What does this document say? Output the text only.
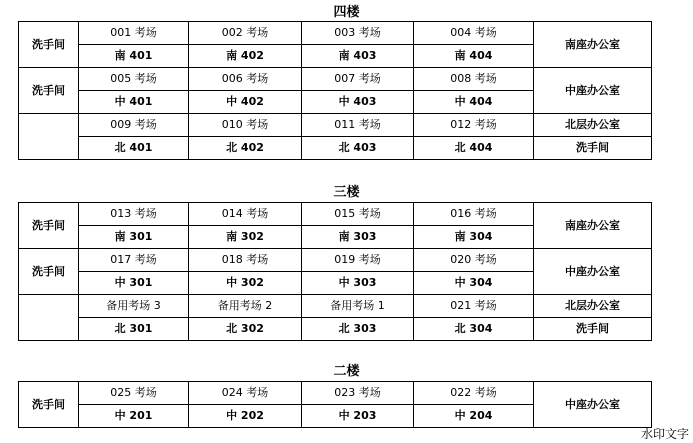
四楼
洗手间	001 考场	002 考场	003 考场	004 考场	南座办公室
	南 401	南 402	南 403	南 404	
洗手间	005 考场	006 考场	007 考场	008 考场	中座办公室
	中 401	中 402	中 403	中 404	
	009 考场	010 考场	011 考场	012 考场	北层办公室
	北 401	北 402	北 403	北 404	洗手间
三楼
洗手间	013 考场	014 考场	015 考场	016 考场	南座办公室
	南 301	南 302	南 303	南 304	
洗手间	017 考场	018 考场	019 考场	020 考场	中座办公室
	中 301	中 302	中 303	中 304	
	备用考场 3	备用考场 2	备用考场 1	021 考场	北层办公室
	北 301	北 302	北 303	北 304	洗手间
二楼
洗手间	025 考场	024 考场	023 考场	022 考场	中座办公室
	中 201	中 202	中 203	中 204	
水印文字
